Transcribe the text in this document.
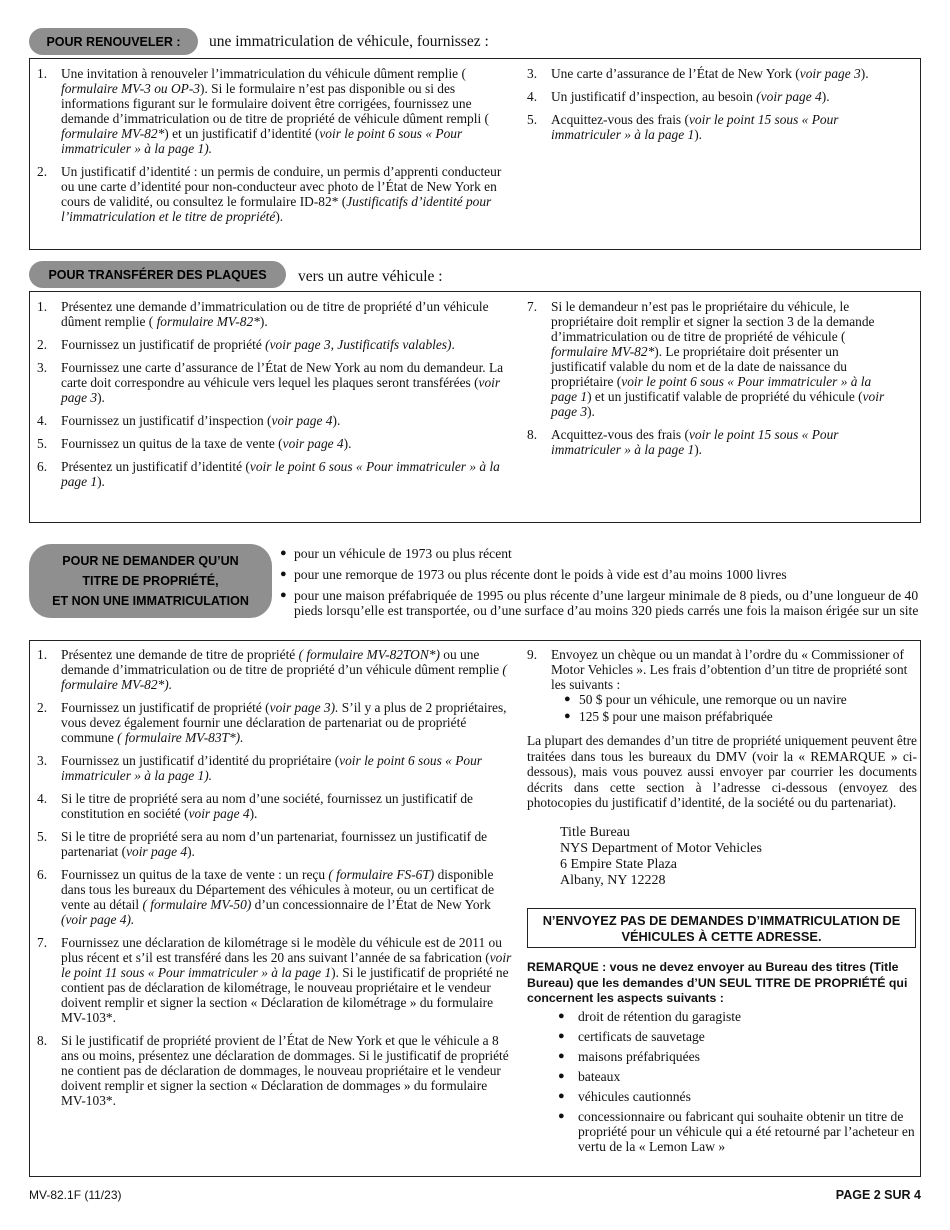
POUR RENOUVELER :	une immatriculation de véhicule, fournissez :
1.	Une invitation à renouveler l’immatriculation du véhicule dûment remplie ( formulaire MV-3 ou OP-3). Si le formulaire n’est pas disponible ou si des informations figurant sur le formulaire doivent être corrigées, fournissez une demande d’immatriculation ou de titre de propriété de véhicule dûment rempli ( formulaire MV-82*) et un justificatif d’identité (voir le point 6 sous « Pour immatriculer » à la page 1).
2.	Un justificatif d’identité : un permis de conduire, un permis d’apprenti conducteur ou une carte d’identité pour non-conducteur avec photo de l’État de New York en cours de validité, ou consultez le formulaire ID-82* (Justificatifs d’identité pour l’immatriculation et le titre de propriété).
3.	Une carte d’assurance de l’État de New York (voir page 3).
4.	Un justificatif d’inspection, au besoin (voir page 4).
5.	Acquittez-vous des frais (voir le point 15 sous « Pour immatriculer » à la page 1).
POUR TRANSFÉRER DES PLAQUES	vers un autre véhicule :
1.	Présentez une demande d’immatriculation ou de titre de propriété d’un véhicule dûment remplie ( formulaire MV-82*).
2.	Fournissez un justificatif de propriété (voir page 3, Justificatifs valables).
3.	Fournissez une carte d’assurance de l’État de New York au nom du demandeur. La carte doit correspondre au véhicule vers lequel les plaques seront transférées (voir page 3).
4.	Fournissez un justificatif d’inspection (voir page 4).
5.	Fournissez un quitus de la taxe de vente (voir page 4).
6.	Présentez un justificatif d’identité (voir le point 6 sous « Pour immatriculer » à la page 1).
7.	Si le demandeur n’est pas le propriétaire du véhicule, le propriétaire doit remplir et signer la section 3 de la demande d’immatriculation ou de titre de propriété de véhicule ( formulaire MV-82*). Le propriétaire doit présenter un justificatif valable du nom et de la date de naissance du propriétaire (voir le point 6 sous « Pour immatriculer » à la page 1) et un justificatif valable de propriété du véhicule (voir page 3).
8.	Acquittez-vous des frais (voir le point 15 sous « Pour immatriculer » à la page 1).
POUR NE DEMANDER QU’UN
TITRE DE PROPRIÉTÉ,
ET NON UNE IMMATRICULATION
● pour un véhicule de 1973 ou plus récent
● pour une remorque de 1973 ou plus récente dont le poids à vide est d’au moins 1000 livres
● pour une maison préfabriquée de 1995 ou plus récente d’une largeur minimale de 8 pieds, ou d’une longueur de 40 pieds lorsqu’elle est transportée, ou d’une surface d’au moins 320 pieds carrés une fois la maison érigée sur un site
1.	Présentez une demande de titre de propriété ( formulaire MV-82TON*) ou une demande d’immatriculation ou de titre de propriété d’un véhicule dûment remplie ( formulaire MV-82*).
2.	Fournissez un justificatif de propriété (voir page 3). S’il y a plus de 2 propriétaires, vous devez également fournir une déclaration de partenariat ou de propriété commune ( formulaire MV-83T*).
3.	Fournissez un justificatif d’identité du propriétaire (voir le point 6 sous « Pour immatriculer » à la page 1).
4.	Si le titre de propriété sera au nom d’une société, fournissez un justificatif de constitution en société (voir page 4).
5.	Si le titre de propriété sera au nom d’un partenariat, fournissez un justificatif de partenariat (voir page 4).
6.	Fournissez un quitus de la taxe de vente : un reçu ( formulaire FS-6T) disponible dans tous les bureaux du Département des véhicules à moteur, ou un certificat de vente au détail ( formulaire MV-50) d’un concessionnaire de l’État de New York (voir page 4).
7.	Fournissez une déclaration de kilométrage si le modèle du véhicule est de 2011 ou plus récent et s’il est transféré dans les 20 ans suivant l’année de sa fabrication (voir le point 11 sous « Pour immatriculer » à la page 1). Si le justificatif de propriété ne contient pas de déclaration de kilométrage, le nouveau propriétaire et le vendeur doivent remplir et signer la section « Déclaration de kilométrage » du formulaire MV-103*.
8.	Si le justificatif de propriété provient de l’État de New York et que le véhicule a 8 ans ou moins, présentez une déclaration de dommages. Si le justificatif de propriété ne contient pas de déclaration de dommages, le nouveau propriétaire et le vendeur doivent remplir et signer la section « Déclaration de dommages » du formulaire MV-103*.
9.	Envoyez un chèque ou un mandat à l’ordre du « Commissioner of Motor Vehicles ». Les frais d’obtention d’un titre de propriété sont les suivants :
● 50 $ pour un véhicule, une remorque ou un navire
● 125 $ pour une maison préfabriquée
La plupart des demandes d’un titre de propriété uniquement peuvent être traitées dans tous les bureaux du DMV (voir la « REMARQUE » ci-dessous), mais vous pouvez aussi envoyer par courrier les documents décrits dans cette section à l’adresse ci-dessous (envoyez des photocopies du justificatif d’identité, de la société ou du partenariat).
Title Bureau
NYS Department of Motor Vehicles
6 Empire State Plaza
Albany, NY 12228
N’ENVOYEZ PAS DE DEMANDES D’IMMATRICULATION DE VÉHICULES À CETTE ADRESSE.
REMARQUE : vous ne devez envoyer au Bureau des titres (Title Bureau) que les demandes d’UN SEUL TITRE DE PROPRIÉTÉ qui concernent les aspects suivants :
● droit de rétention du garagiste
● certificats de sauvetage
● maisons préfabriquées
● bateaux
● véhicules cautionnés
● concessionnaire ou fabricant qui souhaite obtenir un titre de propriété pour un véhicule qui a été retourné par l’acheteur en vertu de la « Lemon Law »
MV-82.1F (11/23)	PAGE 2 SUR 4
